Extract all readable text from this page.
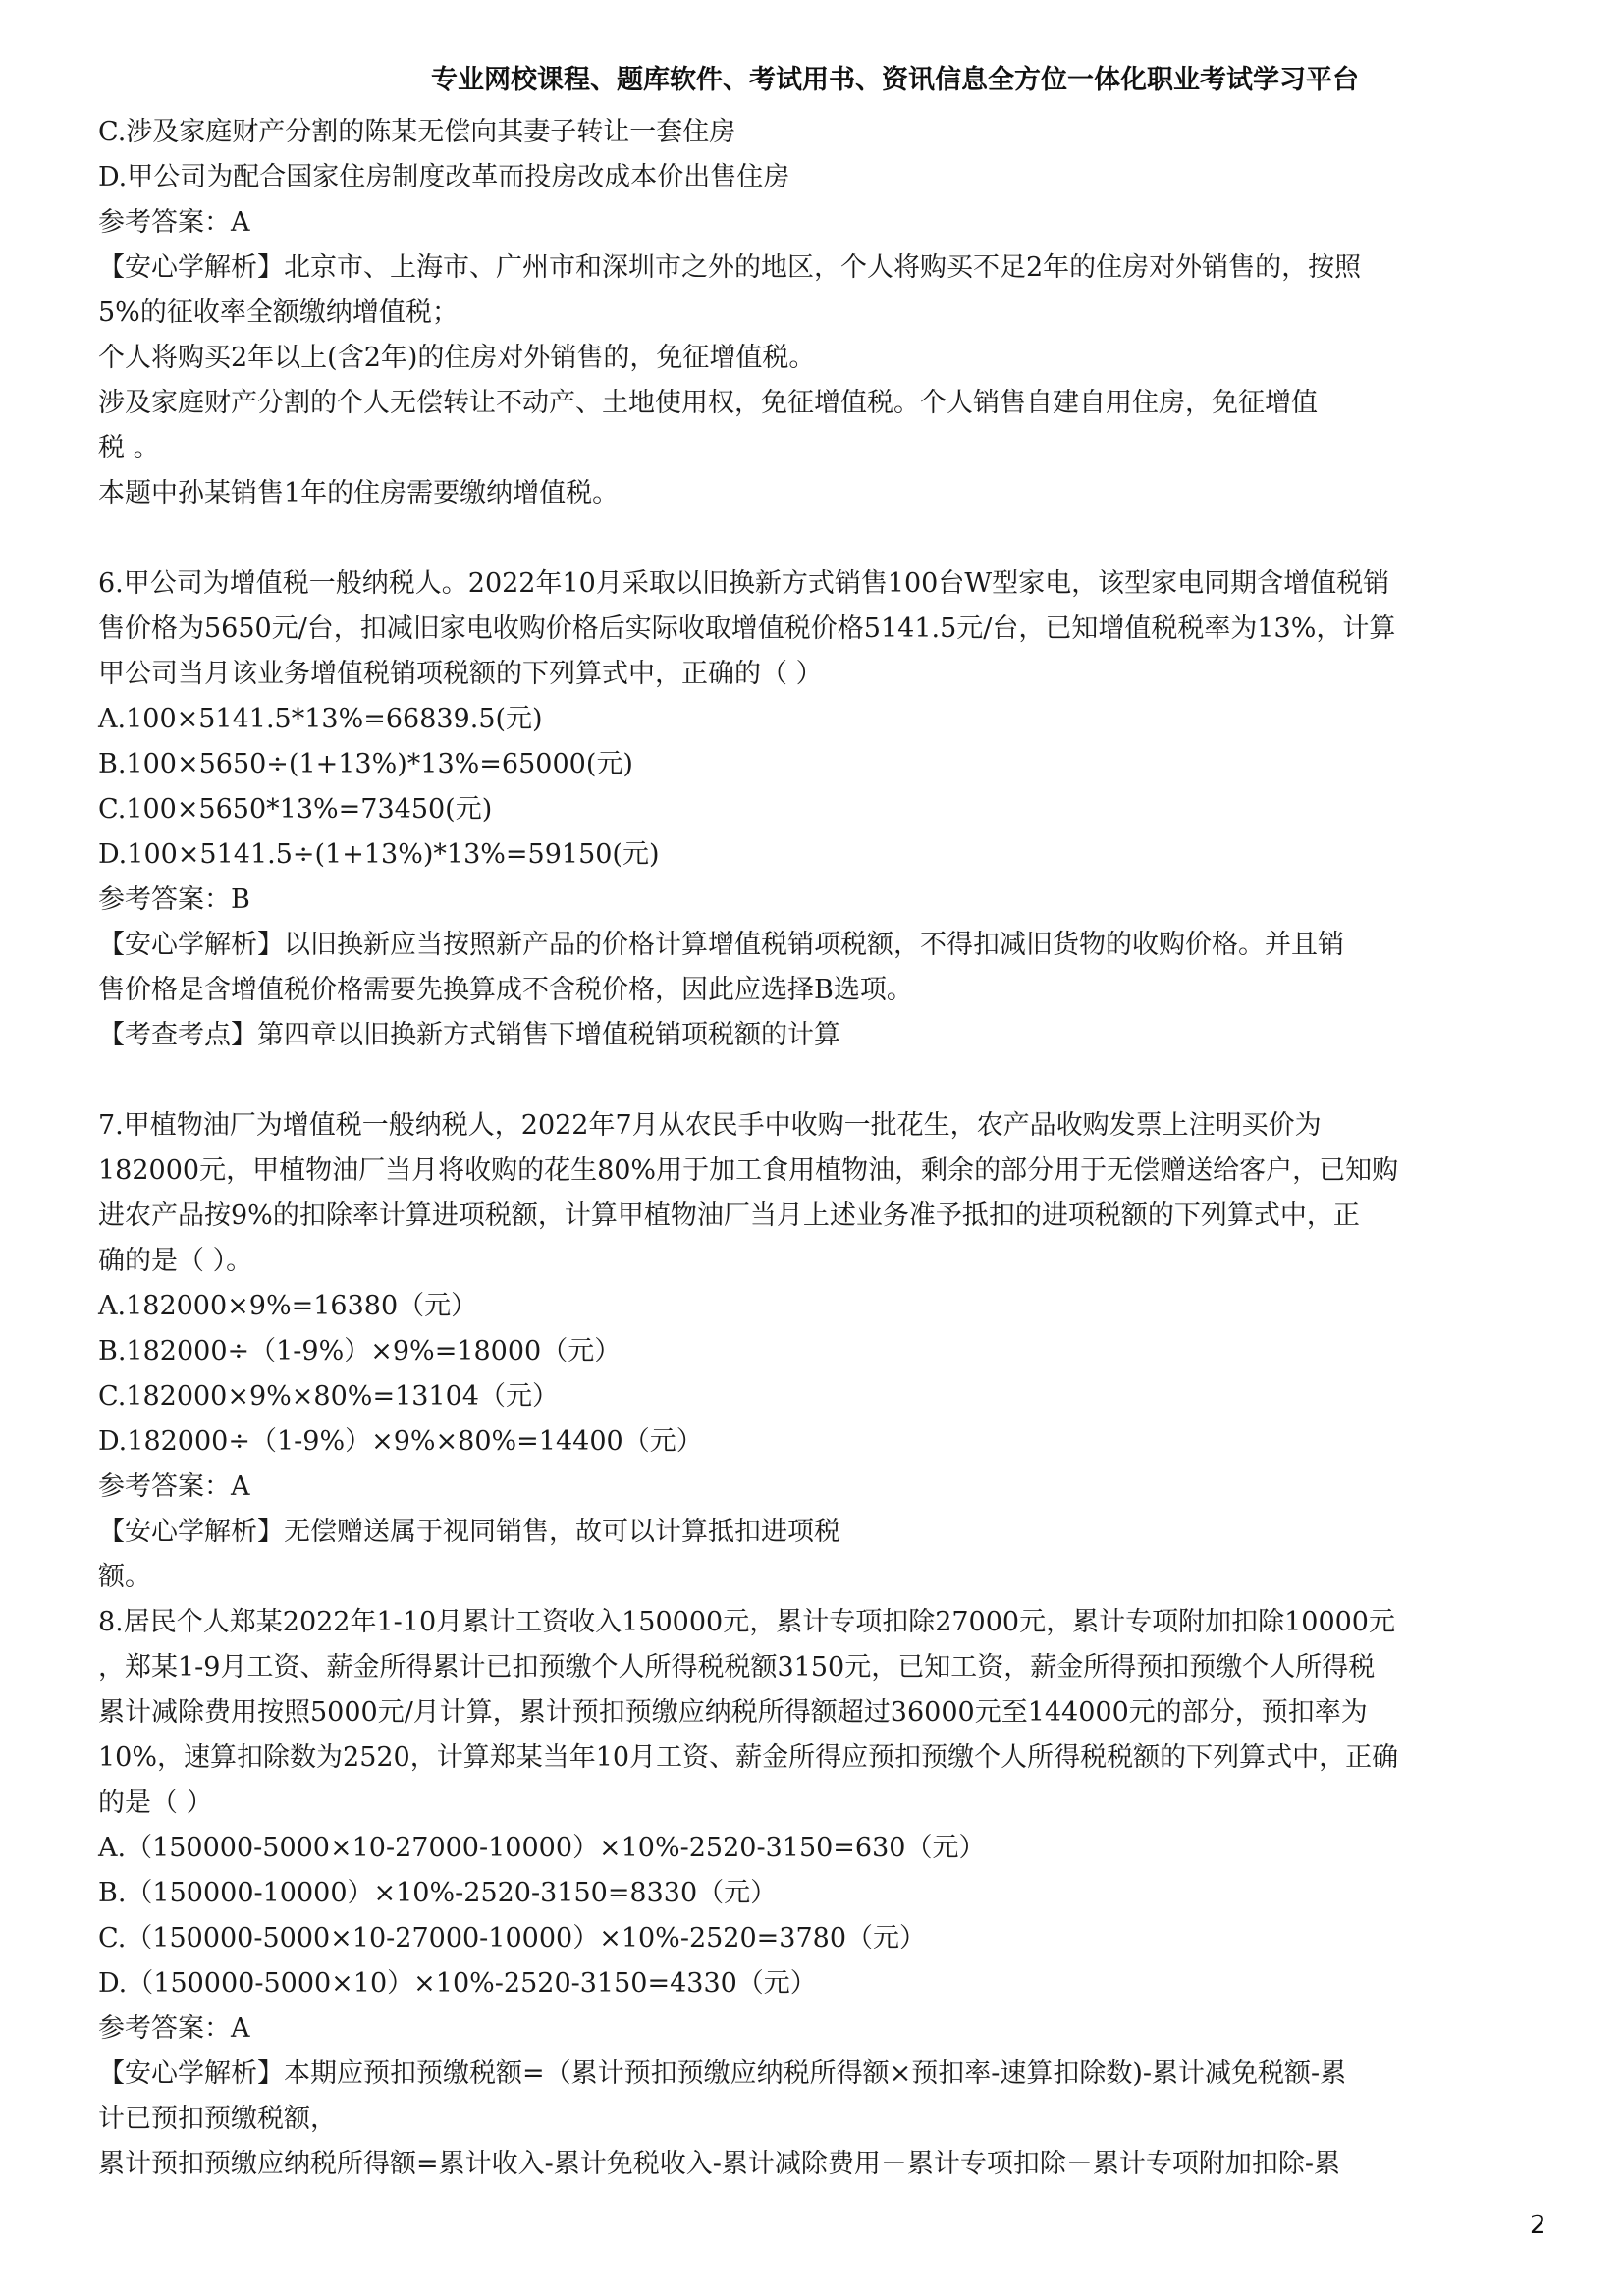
专业网校课程、题库软件、考试用书、资讯信息全方位一体化职业考试学习平台
C.涉及家庭财产分割的陈某无偿向其妻子转让一套住房
D.甲公司为配合国家住房制度改革而投房改成本价出售住房
参考答案：A
【安心学解析】北京市、上海市、广州市和深圳市之外的地区，个人将购买不足2年的住房对外销售的，按照
5%的征收率全额缴纳增值税；
个人将购买2年以上(含2年)的住房对外销售的，免征增值税。
涉及家庭财产分割的个人无偿转让不动产、土地使用权，免征增值税。个人销售自建自用住房，免征增值
税 。
本题中孙某销售1年的住房需要缴纳增值税。
6.甲公司为增值税一般纳税人。2022年10月采取以旧换新方式销售100台W型家电，该型家电同期含增值税销
售价格为5650元/台，扣减旧家电收购价格后实际收取增值税价格5141.5元/台，已知增值税税率为13%，计算
甲公司当月该业务增值税销项税额的下列算式中，正确的（ ）
A.100×5141.5*13%=66839.5(元)
B.100×5650÷(1+13%)*13%=65000(元)
C.100×5650*13%=73450(元)
D.100×5141.5÷(1+13%)*13%=59150(元)
参考答案：B
【安心学解析】以旧换新应当按照新产品的价格计算增值税销项税额，不得扣减旧货物的收购价格。并且销
售价格是含增值税价格需要先换算成不含税价格，因此应选择B选项。
【考查考点】第四章以旧换新方式销售下增值税销项税额的计算
7.甲植物油厂为增值税一般纳税人，2022年7月从农民手中收购一批花生，农产品收购发票上注明买价为
182000元，甲植物油厂当月将收购的花生80%用于加工食用植物油，剩余的部分用于无偿赠送给客户，已知购
进农产品按9%的扣除率计算进项税额，计算甲植物油厂当月上述业务准予抵扣的进项税额的下列算式中，正
确的是（ ）。
A.182000×9%=16380（元）
B.182000÷（1-9%）×9%=18000（元）
C.182000×9%×80%=13104（元）
D.182000÷（1-9%）×9%×80%=14400（元）
参考答案：A
【安心学解析】无偿赠送属于视同销售，故可以计算抵扣进项税
额。
8.居民个人郑某2022年1-10月累计工资收入150000元，累计专项扣除27000元，累计专项附加扣除10000元
，郑某1-9月工资、薪金所得累计已扣预缴个人所得税税额3150元，已知工资，薪金所得预扣预缴个人所得税
累计减除费用按照5000元/月计算，累计预扣预缴应纳税所得额超过36000元至144000元的部分，预扣率为
10%，速算扣除数为2520，计算郑某当年10月工资、薪金所得应预扣预缴个人所得税税额的下列算式中，正确
的是（ ）
A.（150000-5000×10-27000-10000）×10%-2520-3150=630（元）
B.（150000-10000）×10%-2520-3150=8330（元）
C.（150000-5000×10-27000-10000）×10%-2520=3780（元）
D.（150000-5000×10）×10%-2520-3150=4330（元）
参考答案：A
【安心学解析】本期应预扣预缴税额=（累计预扣预缴应纳税所得额×预扣率-速算扣除数)-累计减免税额-累
计已预扣预缴税额，
累计预扣预缴应纳税所得额=累计收入-累计免税收入-累计减除费用－累计专项扣除－累计专项附加扣除-累
2
